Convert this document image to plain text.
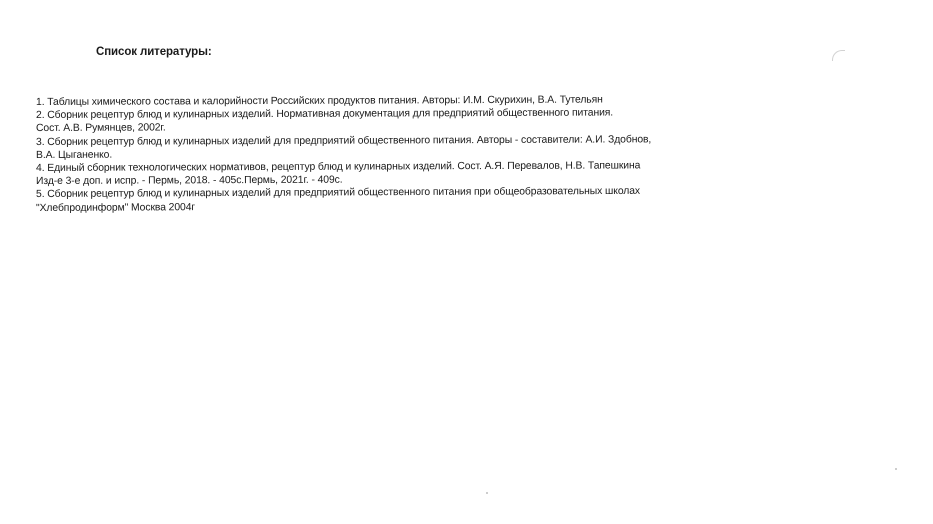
Список литературы:
1. Таблицы химического состава и калорийности Российских продуктов питания. Авторы: И.М. Скурихин, В.А. Тутельян
2. Сборник рецептур блюд и кулинарных изделий. Нормативная документация для предприятий общественного питания.
Сост. А.В. Румянцев, 2002г.
3. Сборник рецептур блюд и кулинарных изделий для предприятий общественного питания. Авторы - составители: А.И. Здобнов,
В.А. Цыганенко.
4. Единый сборник технологических нормативов, рецептур блюд и кулинарных изделий. Сост. А.Я. Перевалов, Н.В. Тапешкина
Изд-е 3-е доп. и испр. - Пермь, 2018. - 405с.Пермь, 2021г. - 409с.
5. Сборник рецептур блюд и кулинарных изделий для предприятий общественного питания при общеобразовательных школах
"Хлебпродинформ" Москва 2004г
